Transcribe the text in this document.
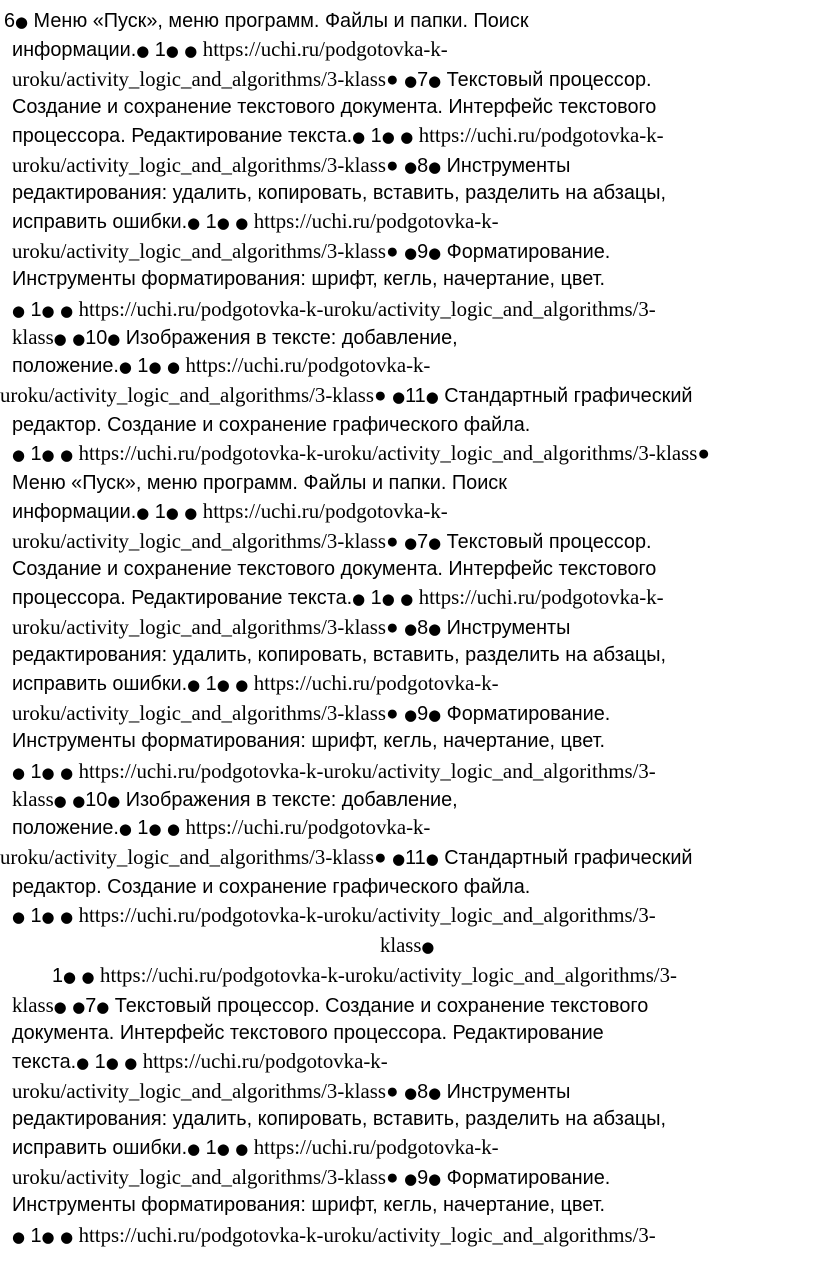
6● Меню «Пуск», меню программ. Файлы и папки. Поиск
информации.● 1● ● https://uchi.ru/podgotovka-k-
uroku/activity_logic_and_algorithms/3-klass● ●7● Текстовый процессор.
Создание и сохранение текстового документа. Интерфейс текстового
процессора. Редактирование текста.● 1● ● https://uchi.ru/podgotovka-k-
uroku/activity_logic_and_algorithms/3-klass● ●8● Инструменты
редактирования: удалить, копировать, вставить, разделить на абзацы,
исправить ошибки.● 1● ● https://uchi.ru/podgotovka-k-
uroku/activity_logic_and_algorithms/3-klass● ●9● Форматирование.
Инструменты форматирования: шрифт, кегль, начертание, цвет.
● 1● ● https://uchi.ru/podgotovka-k-uroku/activity_logic_and_algorithms/3-
klass● ●10● Изображения в тексте: добавление,
положение.● 1● ● https://uchi.ru/podgotovka-k-
uroku/activity_logic_and_algorithms/3-klass● ●11● Стандартный графический
редактор. Создание и сохранение графического файла.
● 1● ● https://uchi.ru/podgotovka-k-uroku/activity_logic_and_algorithms/3-klass●
Меню «Пуск», меню программ. Файлы и папки. Поиск
информации.● 1● ● https://uchi.ru/podgotovka-k-
uroku/activity_logic_and_algorithms/3-klass● ●7● Текстовый процессор.
Создание и сохранение текстового документа. Интерфейс текстового
процессора. Редактирование текста.● 1● ● https://uchi.ru/podgotovka-k-
uroku/activity_logic_and_algorithms/3-klass● ●8● Инструменты
редактирования: удалить, копировать, вставить, разделить на абзацы,
исправить ошибки.● 1● ● https://uchi.ru/podgotovka-k-
uroku/activity_logic_and_algorithms/3-klass● ●9● Форматирование.
Инструменты форматирования: шрифт, кегль, начертание, цвет.
● 1● ● https://uchi.ru/podgotovka-k-uroku/activity_logic_and_algorithms/3-
klass● ●10● Изображения в тексте: добавление,
положение.● 1● ● https://uchi.ru/podgotovka-k-
uroku/activity_logic_and_algorithms/3-klass● ●11● Стандартный графический
редактор. Создание и сохранение графического файла.
● 1● ● https://uchi.ru/podgotovka-k-uroku/activity_logic_and_algorithms/3-
klass●
1● ● https://uchi.ru/podgotovka-k-uroku/activity_logic_and_algorithms/3-
klass● ●7● Текстовый процессор. Создание и сохранение текстового
документа. Интерфейс текстового процессора. Редактирование
текста.● 1● ● https://uchi.ru/podgotovka-k-
uroku/activity_logic_and_algorithms/3-klass● ●8● Инструменты
редактирования: удалить, копировать, вставить, разделить на абзацы,
исправить ошибки.● 1● ● https://uchi.ru/podgotovka-k-
uroku/activity_logic_and_algorithms/3-klass● ●9● Форматирование.
Инструменты форматирования: шрифт, кегль, начертание, цвет.
● 1● ● https://uchi.ru/podgotovka-k-uroku/activity_logic_and_algorithms/3-
